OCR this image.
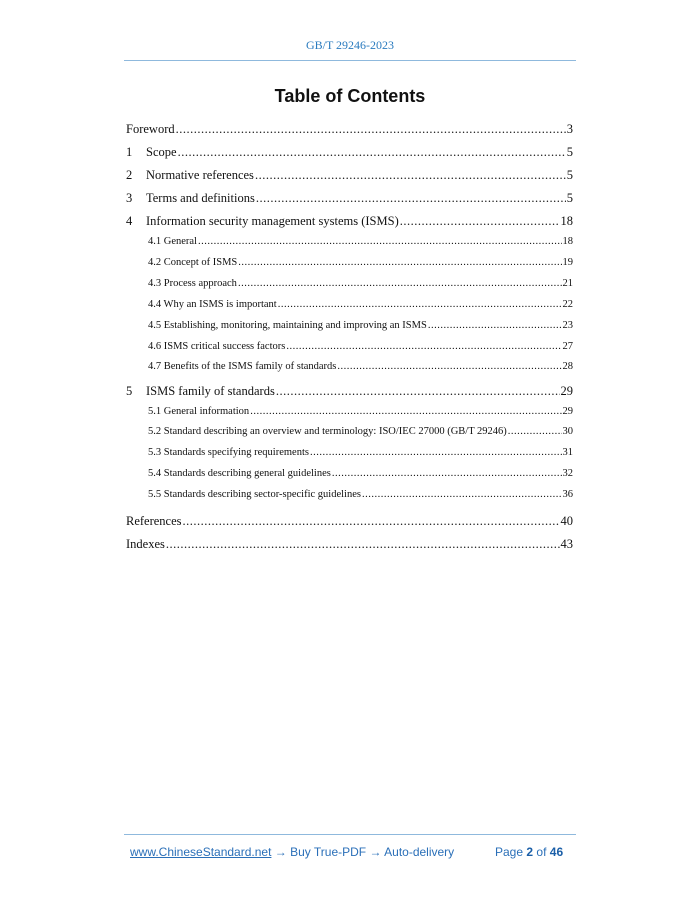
GB/T 29246-2023
Table of Contents
Foreword .....	3
1	Scope .....	5
2	Normative references .....	5
3	Terms and definitions .....	5
4	Information security management systems (ISMS) .....	18
4.1 General .....	18
4.2 Concept of ISMS .....	19
4.3 Process approach .....	21
4.4 Why an ISMS is important .....	22
4.5 Establishing, monitoring, maintaining and improving an ISMS .....	23
4.6 ISMS critical success factors .....	27
4.7 Benefits of the ISMS family of standards .....	28
5	ISMS family of standards .....	29
5.1 General information .....	29
5.2 Standard describing an overview and terminology: ISO/IEC 27000 (GB/T 29246) .....	30
5.3 Standards specifying requirements .....	31
5.4 Standards describing general guidelines .....	32
5.5 Standards describing sector-specific guidelines .....	36
References .....	40
Indexes .....	43
www.ChineseStandard.net → Buy True-PDF → Auto-delivery	Page 2 of 46
